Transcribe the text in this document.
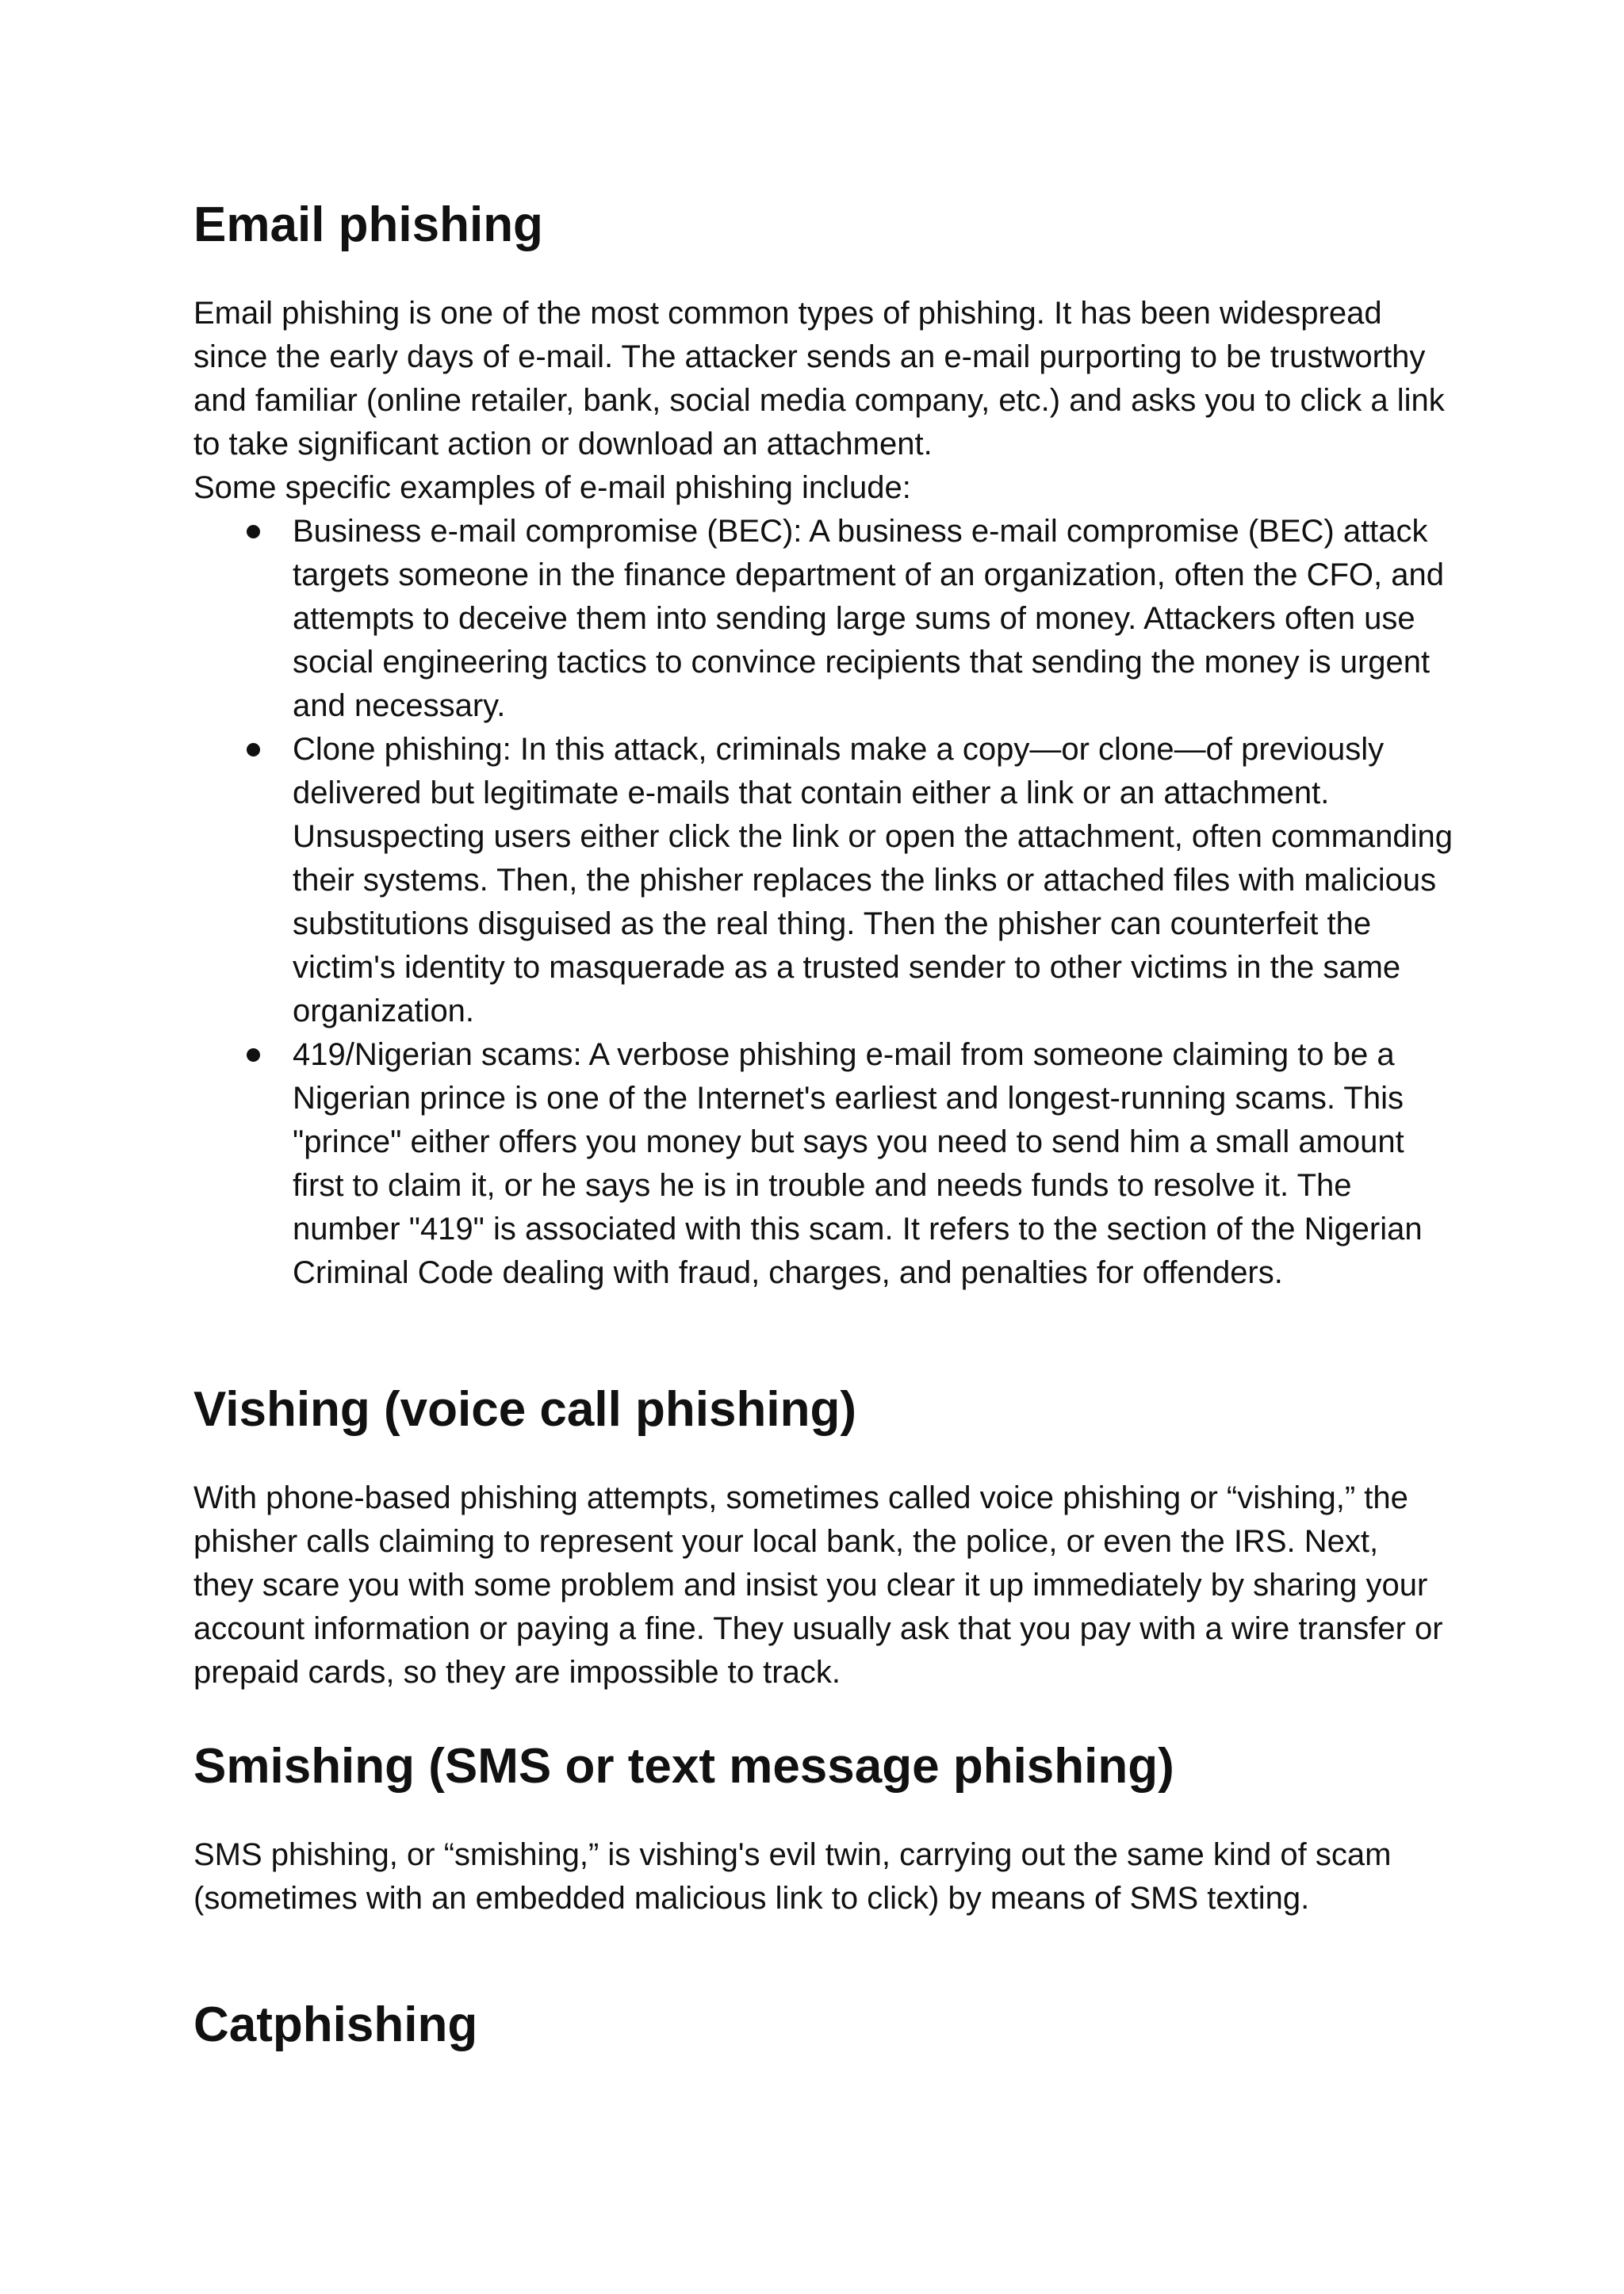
Email phishing

Email phishing is one of the most common types of phishing. It has been widespread since the early days of e-mail. The attacker sends an e-mail purporting to be trustworthy and familiar (online retailer, bank, social media company, etc.) and asks you to click a link to take significant action or download an attachment.

Some specific examples of e-mail phishing include:

Business e-mail compromise (BEC): A business e-mail compromise (BEC) attack targets someone in the finance department of an organization, often the CFO, and attempts to deceive them into sending large sums of money. Attackers often use social engineering tactics to convince recipients that sending the money is urgent and necessary.
Clone phishing: In this attack, criminals make a copy—or clone—of previously delivered but legitimate e-mails that contain either a link or an attachment. Unsuspecting users either click the link or open the attachment, often commanding their systems. Then, the phisher replaces the links or attached files with malicious substitutions disguised as the real thing. Then the phisher can counterfeit the victim's identity to masquerade as a trusted sender to other victims in the same organization.
419/Nigerian scams: A verbose phishing e-mail from someone claiming to be a Nigerian prince is one of the Internet's earliest and longest-running scams. This "prince" either offers you money but says you need to send him a small amount first to claim it, or he says he is in trouble and needs funds to resolve it. The number "419" is associated with this scam. It refers to the section of the Nigerian Criminal Code dealing with fraud, charges, and penalties for offenders.
Vishing (voice call phishing)

With phone-based phishing attempts, sometimes called voice phishing or “vishing,” the phisher calls claiming to represent your local bank, the police, or even the IRS. Next, they scare you with some problem and insist you clear it up immediately by sharing your account information or paying a fine. They usually ask that you pay with a wire transfer or prepaid cards, so they are impossible to track.

Smishing (SMS or text message phishing)

SMS phishing, or “smishing,” is vishing's evil twin, carrying out the same kind of scam (sometimes with an embedded malicious link to click) by means of SMS texting.

Catphishing
